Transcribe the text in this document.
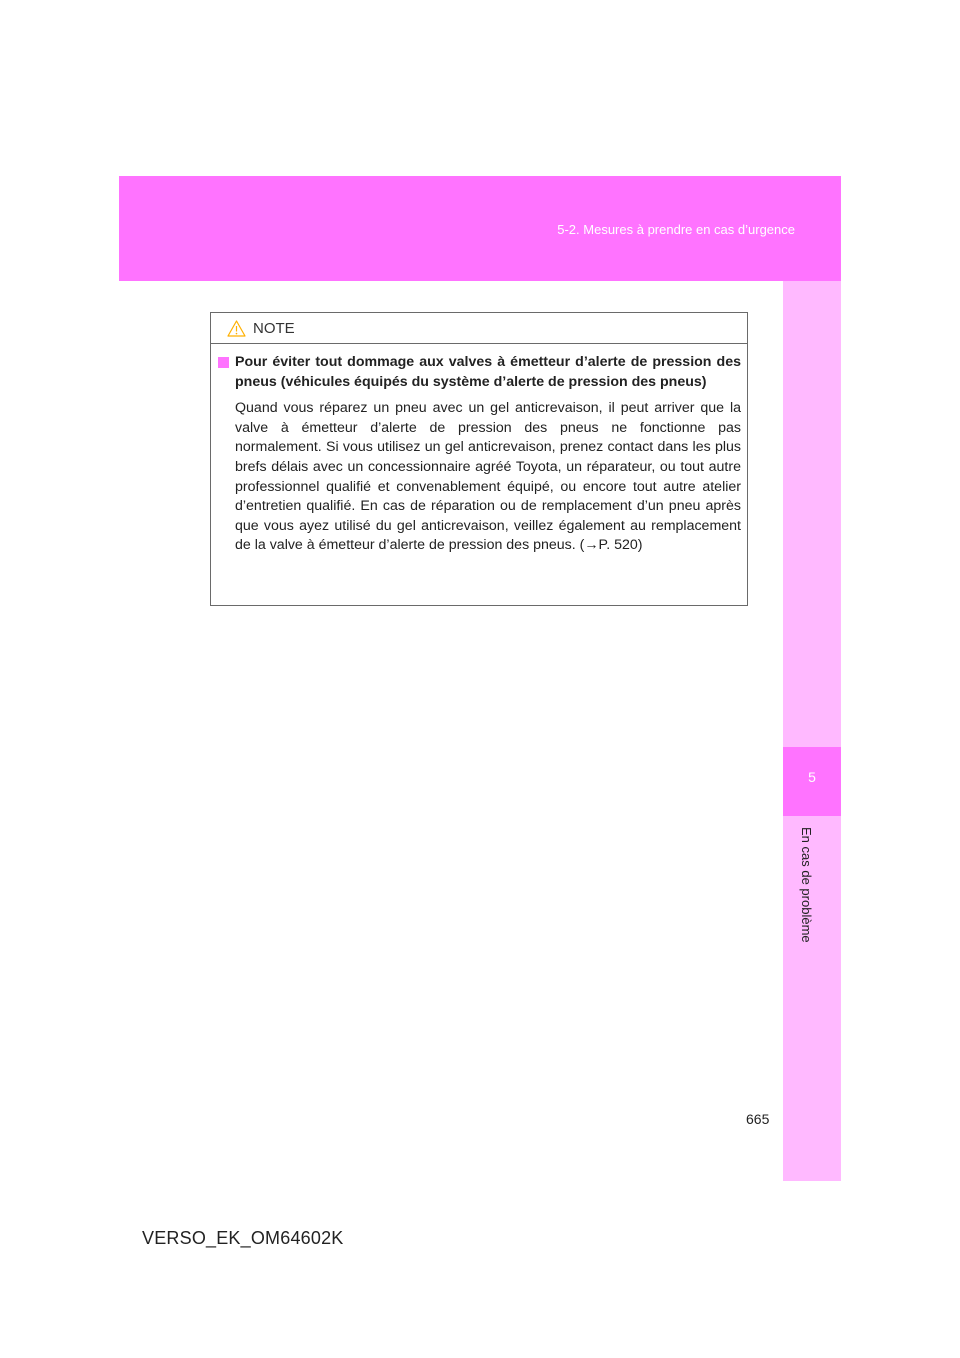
5-2. Mesures à prendre en cas d’urgence
5
En cas de problème
NOTE

Pour éviter tout dommage aux valves à émetteur d’alerte de pression des pneus (véhicules équipés du système d’alerte de pression des pneus)

Quand vous réparez un pneu avec un gel anticrevaison, il peut arriver que la valve à émetteur d’alerte de pression des pneus ne fonctionne pas normalement. Si vous utilisez un gel anticrevaison, prenez contact dans les plus brefs délais avec un concessionnaire agréé Toyota, un réparateur, ou tout autre professionnel qualifié et convenablement équipé, ou encore tout autre atelier d’entretien qualifié. En cas de réparation ou de remplacement d’un pneu après que vous ayez utilisé du gel anticrevaison, veillez également au remplacement de la valve à émetteur d’alerte de pression des pneus. (→P. 520)

665
VERSO_EK_OM64602K
